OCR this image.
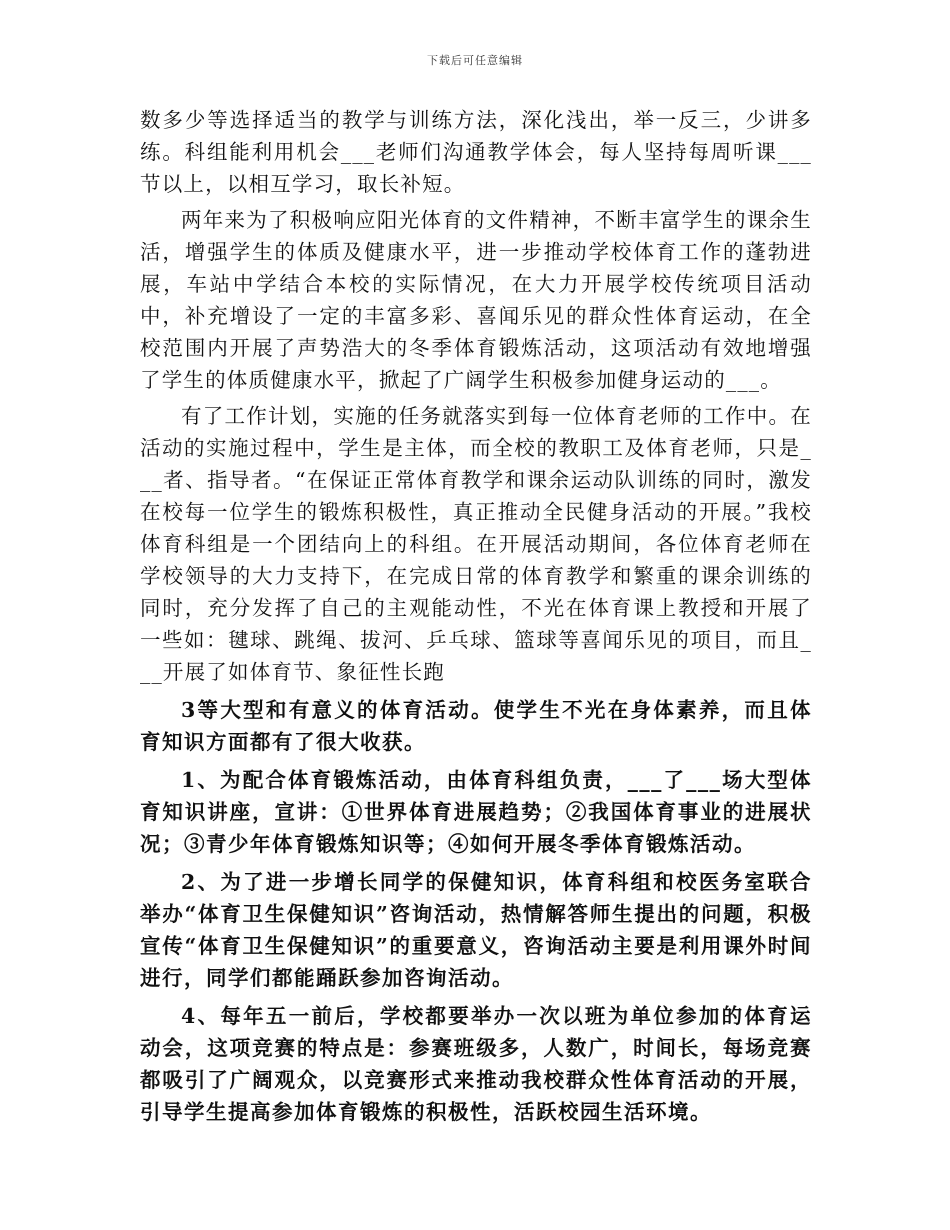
下载后可任意编辑

数多少等选择适当的教学与训练方法，深化浅出，举一反三，少讲多练。科组能利用机会___老师们沟通教学体会，每人坚持每周听课___节以上，以相互学习，取长补短。

两年来为了积极响应阳光体育的文件精神，不断丰富学生的课余生活，增强学生的体质及健康水平，进一步推动学校体育工作的蓬勃进展，车站中学结合本校的实际情况，在大力开展学校传统项目活动中，补充增设了一定的丰富多彩、喜闻乐见的群众性体育运动，在全校范围内开展了声势浩大的冬季体育锻炼活动，这项活动有效地增强了学生的体质健康水平，掀起了广阔学生积极参加健身运动的___。

有了工作计划，实施的任务就落实到每一位体育老师的工作中。在活动的实施过程中，学生是主体，而全校的教职工及体育老师，只是___者、指导者。“在保证正常体育教学和课余运动队训练的同时，激发在校每一位学生的锻炼积极性，真正推动全民健身活动的开展。”我校体育科组是一个团结向上的科组。在开展活动期间，各位体育老师在学校领导的大力支持下，在完成日常的体育教学和繁重的课余训练的同时，充分发挥了自己的主观能动性，不光在体育课上教授和开展了一些如：毽球、跳绳、拔河、乒乓球、篮球等喜闻乐见的项目，而且___开展了如体育节、象征性长跑

3等大型和有意义的体育活动。使学生不光在身体素养，而且体育知识方面都有了很大收获。

1、为配合体育锻炼活动，由体育科组负责，___了___场大型体育知识讲座，宣讲：①世界体育进展趋势；②我国体育事业的进展状况；③青少年体育锻炼知识等；④如何开展冬季体育锻炼活动。

2、为了进一步增长同学的保健知识，体育科组和校医务室联合举办“体育卫生保健知识”咨询活动，热情解答师生提出的问题，积极宣传“体育卫生保健知识”的重要意义，咨询活动主要是利用课外时间进行，同学们都能踊跃参加咨询活动。

4、每年五一前后，学校都要举办一次以班为单位参加的体育运动会，这项竞赛的特点是：参赛班级多，人数广，时间长，每场竞赛都吸引了广阔观众，以竞赛形式来推动我校群众性体育活动的开展，引导学生提高参加体育锻炼的积极性，活跃校园生活环境。
